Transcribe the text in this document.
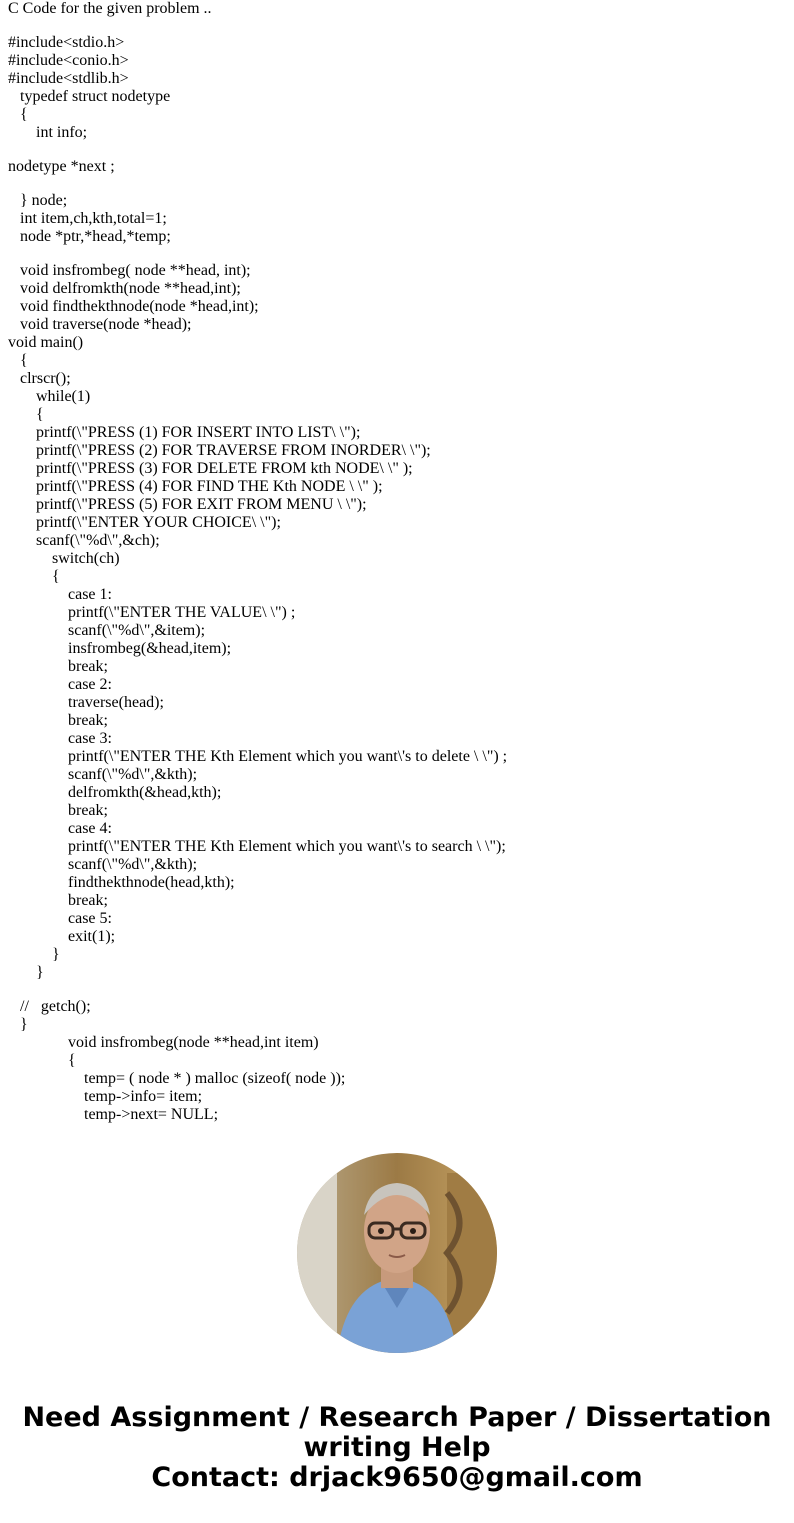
C Code for the given problem ..
#include<stdio.h>
#include<conio.h>
#include<stdlib.h>
typedef struct nodetype
{
int info;
nodetype *next ;
} node;
int item,ch,kth,total=1;
node *ptr,*head,*temp;
void insfrombeg( node **head, int);
void delfromkth(node **head,int);
void findthekthnode(node *head,int);
void traverse(node *head);
void main()
{
clrscr();
while(1)
{
printf(\"PRESS (1) FOR INSERT INTO LIST\ \");
printf(\"PRESS (2) FOR TRAVERSE FROM INORDER\ \");
printf(\"PRESS (3) FOR DELETE FROM kth NODE\ \" );
printf(\"PRESS (4) FOR FIND THE Kth NODE \ \" );
printf(\"PRESS (5) FOR EXIT FROM MENU \ \");
printf(\"ENTER YOUR CHOICE\ \");
scanf(\"%d\",&ch);
switch(ch)
{
case 1:
printf(\"ENTER THE VALUE\ \") ;
scanf(\"%d\",&item);
insfrombeg(&head,item);
break;
case 2:
traverse(head);
break;
case 3:
printf(\"ENTER THE Kth Element which you want\'s to delete \ \") ;
scanf(\"%d\",&kth);
delfromkth(&head,kth);
break;
case 4:
printf(\"ENTER THE Kth Element which you want\'s to search \ \");
scanf(\"%d\",&kth);
findthekthnode(head,kth);
break;
case 5:
exit(1);
}
}
//   getch();
}
void insfrombeg(node **head,int item)
{
temp= ( node * ) malloc (sizeof( node ));
temp->info= item;
temp->next= NULL;
Need Assignment / Research Paper / Dissertation
writing Help
Contact: drjack9650@gmail.com
